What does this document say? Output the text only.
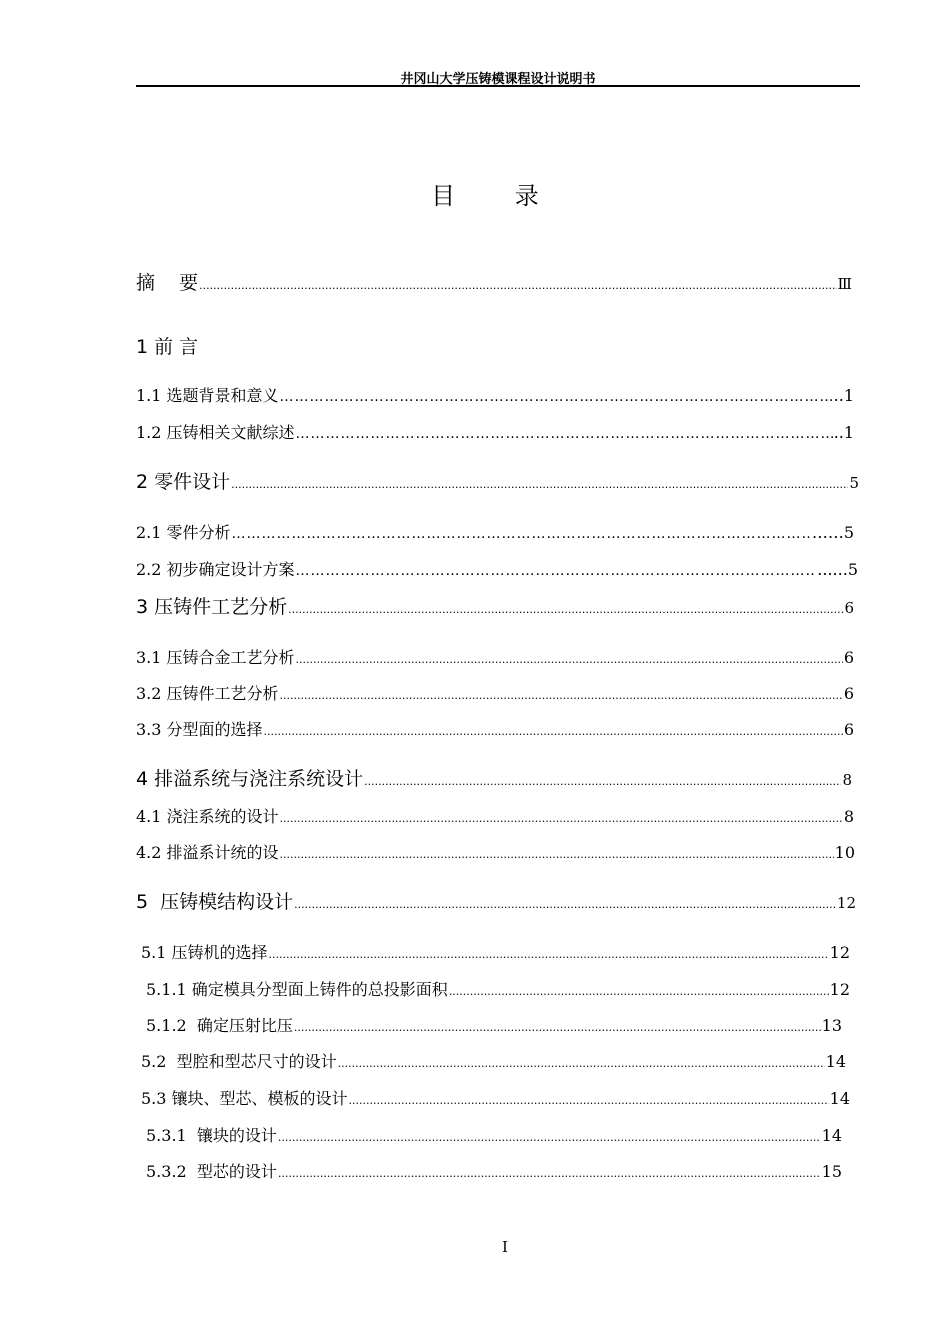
井冈山大学压铸模课程设计说明书
目 录
摘    要 .....	Ⅲ
1 前 言
1.1 选题背景和意义 ………………………………………………………………………………………………………………………………………………………………………………………………………………………………………………	..1
1.2 压铸相关文献综述 ………………………………………………………………………………………………………………………………………………………………………………………………………………………………………………	..1
2 零件设计 .....	5
2.1 零件分析 ………………………………………………………………………………………………………………………………………………………………………………………………………………………………………………	……5
2.2 初步确定设计方案 ………………………………………………………………………………………………………………………………………………………………………………………………………………………………………………	......5
3 压铸件工艺分析 .....	6
3.1 压铸合金工艺分析 .....	6
3.2 压铸件工艺分析 .....	6
3.3 分型面的选择 .....	6
4 排溢系统与浇注系统设计 .....	8
4.1 浇注系统的设计 .....	8
4.2 排溢系计统的设 .....	10
5  压铸模结构设计 .....	12
5.1 压铸机的选择 .....	12
5.1.1 确定模具分型面上铸件的总投影面积 .....	12
5.1.2  确定压射比压 .....	13
5.2  型腔和型芯尺寸的设计 .....	14
5.3 镶块、型芯、模板的设计 .....	14
5.3.1  镶块的设计 .....	14
5.3.2  型芯的设计 .....	15
I
